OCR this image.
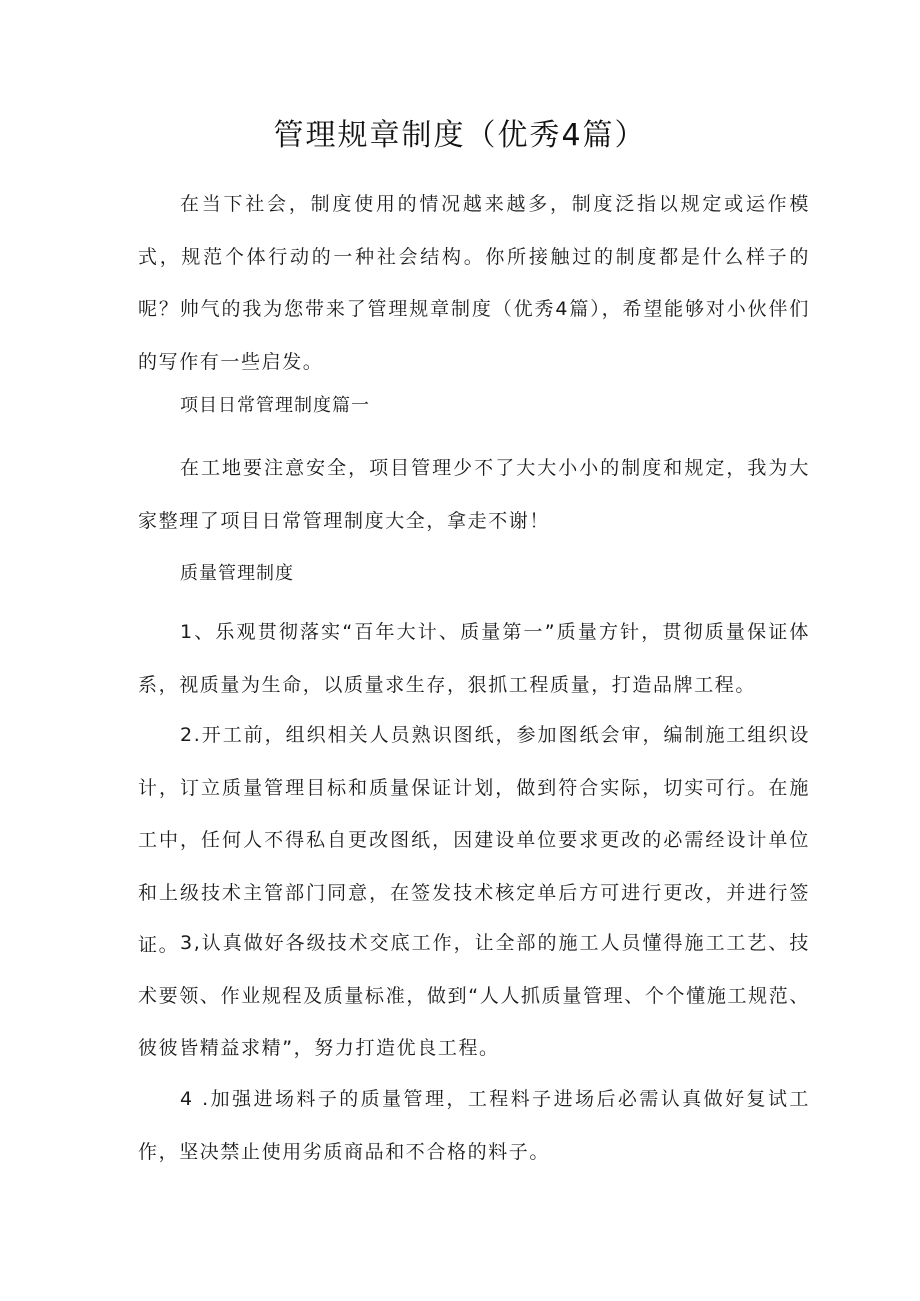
管理规章制度（优秀4篇）

在当下社会，制度使用的情况越来越多，制度泛指以规定或运作模式，规范个体行动的一种社会结构。你所接触过的制度都是什么样子的呢？帅气的我为您带来了管理规章制度（优秀4篇），希望能够对小伙伴们的写作有一些启发。

项目日常管理制度篇一

在工地要注意安全，项目管理少不了大大小小的制度和规定，我为大家整理了项目日常管理制度大全，拿走不谢！

质量管理制度

1、乐观贯彻落实“百年大计、质量第一”质量方针，贯彻质量保证体系，视质量为生命，以质量求生存，狠抓工程质量，打造品牌工程。

2.开工前，组织相关人员熟识图纸，参加图纸会审，编制施工组织设计，订立质量管理目标和质量保证计划，做到符合实际，切实可行。在施工中，任何人不得私自更改图纸，因建设单位要求更改的必需经设计单位和上级技术主管部门同意，在签发技术核定单后方可进行更改，并进行签证。 3,认真做好各级技术交底工作，让全部的施工人员懂得施工工艺、技术要领、作业规程及质量标准，做到“人人抓质量管理、个个懂施工规范、彼彼皆精益求精”，努力打造优良工程。

4 .加强进场料子的质量管理，工程料子进场后必需认真做好复试工作，坚决禁止使用劣质商品和不合格的料子。
